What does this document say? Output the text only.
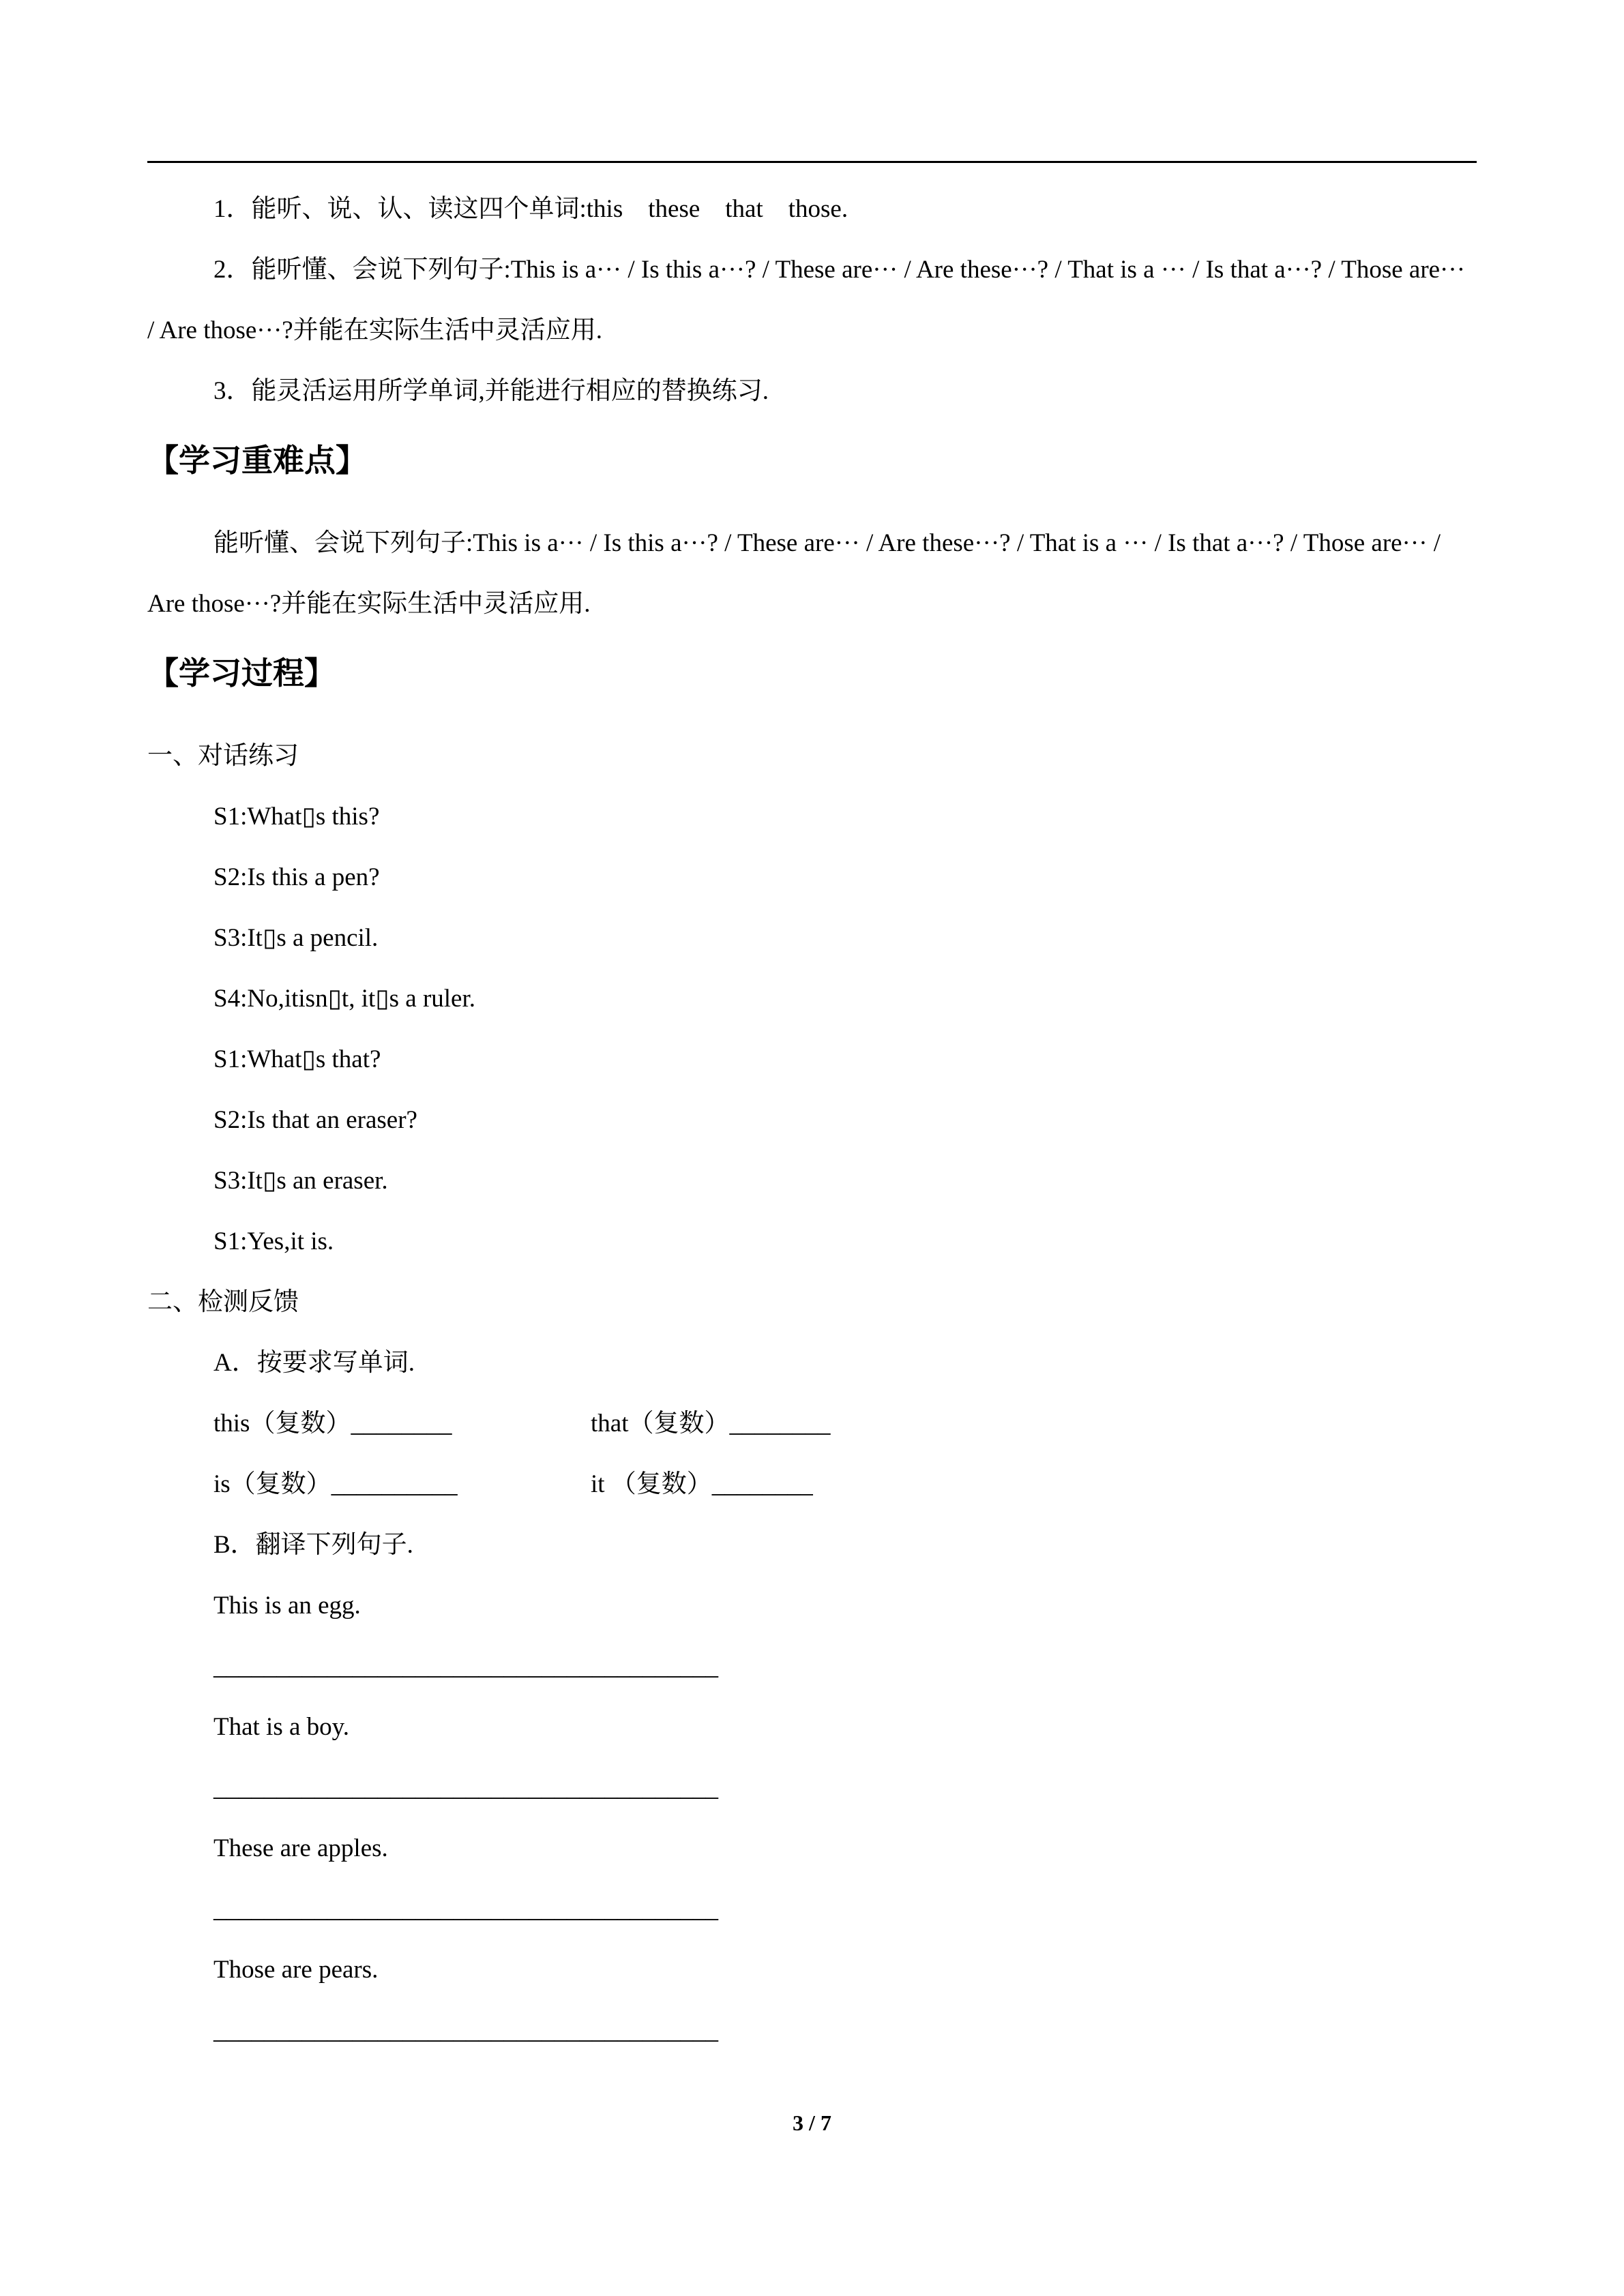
1．能听、说、认、读这四个单词:this　these　that　those.

2．能听懂、会说下列句子:This is a··· / Is this a···? / These are··· / Are these···? / That is a ··· / Is that a···? / Those are··· / Are those···?并能在实际生活中灵活应用.

3．能灵活运用所学单词,并能进行相应的替换练习.

【学习重难点】

能听懂、会说下列句子:This is a··· / Is this a···? / These are··· / Are these···? / That is a ··· / Is that a···? / Those are··· / Are those···?并能在实际生活中灵活应用.

【学习过程】

一、对话练习

S1:What▯s this?

S2:Is this a pen?

S3:It▯s a pencil.

S4:No,itisn▯t, it▯s a ruler.

S1:What▯s that?

S2:Is that an eraser?

S3:It▯s an eraser.

S1:Yes,it is.

二、检测反馈

A．按要求写单词.

this（复数）________	that（复数）________
is（复数）__________	it （复数）________

B．翻译下列句子.

This is an egg.

________________________________________

That is a boy.

________________________________________

These are apples.

________________________________________

Those are pears.

________________________________________

3 / 7
